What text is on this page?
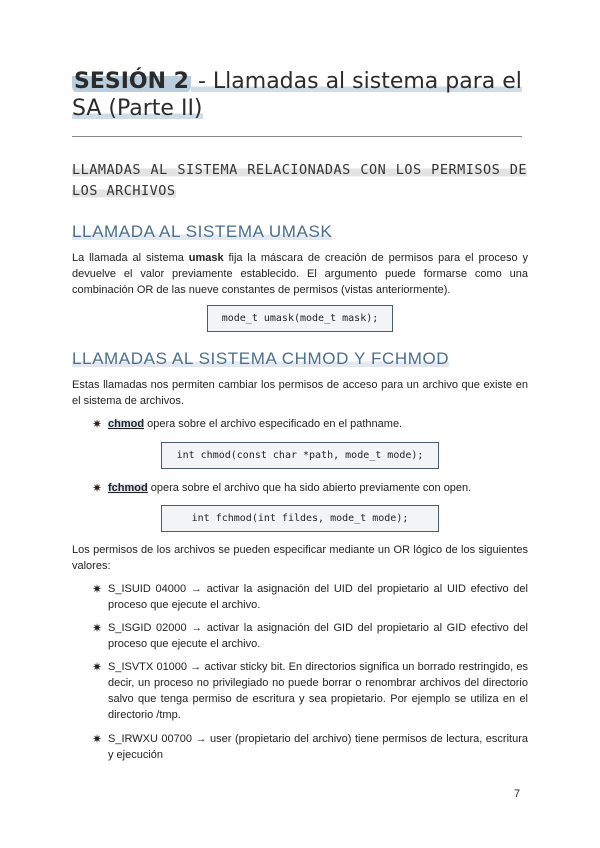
SESIÓN 2 - Llamadas al sistema para el SA (Parte II)
LLAMADAS AL SISTEMA RELACIONADAS CON LOS PERMISOS DE LOS ARCHIVOS
LLAMADA AL SISTEMA UMASK
La llamada al sistema umask fija la máscara de creación de permisos para el proceso y devuelve el valor previamente establecido. El argumento puede formarse como una combinación OR de las nueve constantes de permisos (vistas anteriormente).
mode_t umask(mode_t mask);
LLAMADAS AL SISTEMA CHMOD Y FCHMOD
Estas llamadas nos permiten cambiar los permisos de acceso para un archivo que existe en el sistema de archivos.
✷ chmod opera sobre el archivo especificado en el pathname.
int chmod(const char *path, mode_t mode);
✷ fchmod opera sobre el archivo que ha sido abierto previamente con open.
int fchmod(int fildes, mode_t mode);
Los permisos de los archivos se pueden especificar mediante un OR lógico de los siguientes valores:
✷ S_ISUID 04000 → activar la asignación del UID del propietario al UID efectivo del proceso que ejecute el archivo.
✷ S_ISGID 02000 → activar la asignación del GID del propietario al GID efectivo del proceso que ejecute el archivo.
✷ S_ISVTX 01000 → activar sticky bit. En directorios significa un borrado restringido, es decir, un proceso no privilegiado no puede borrar o renombrar archivos del directorio salvo que tenga permiso de escritura y sea propietario. Por ejemplo se utiliza en el directorio /tmp.
✷ S_IRWXU 00700 → user (propietario del archivo) tiene permisos de lectura, escritura y ejecución
7
